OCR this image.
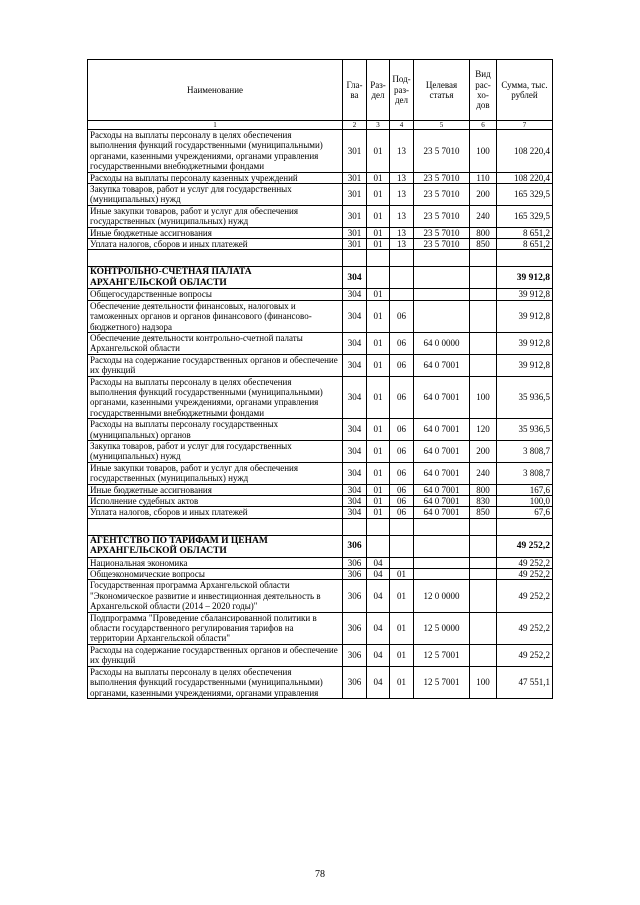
Наименование	Гла-ва	Раз-дел	Под-раз-дел	Целевая статья	Вид рас-хо-дов	Сумма, тыс. рублей
1	2	3	4	5	6	7
Расходы на выплаты персоналу в целях обеспечения выполнения функций государственными (муниципальными) органами, казенными учреждениями, органами управления государственными внебюджетными фондами	301	01	13	23 5 7010	100	108 220,4
Расходы на выплаты персоналу казенных учреждений	301	01	13	23 5 7010	110	108 220,4
Закупка товаров, работ и услуг для государственных (муниципальных) нужд	301	01	13	23 5 7010	200	165 329,5
Иные закупки товаров, работ и услуг для обеспечения государственных (муниципальных) нужд	301	01	13	23 5 7010	240	165 329,5
Иные бюджетные ассигнования	301	01	13	23 5 7010	800	8 651,2
Уплата налогов, сборов и иных платежей	301	01	13	23 5 7010	850	8 651,2

КОНТРОЛЬНО-СЧЕТНАЯ ПАЛАТА АРХАНГЕЛЬСКОЙ ОБЛАСТИ	304					39 912,8
Общегосударственные вопросы	304	01				39 912,8
Обеспечение деятельности финансовых, налоговых и таможенных органов и органов финансового (финансово-бюджетного) надзора	304	01	06			39 912,8
Обеспечение деятельности контрольно-счетной палаты Архангельской области	304	01	06	64 0 0000		39 912,8
Расходы на содержание государственных органов и обеспечение их функций	304	01	06	64 0 7001		39 912,8
Расходы на выплаты персоналу в целях обеспечения выполнения функций государственными (муниципальными) органами, казенными учреждениями, органами управления государственными внебюджетными фондами	304	01	06	64 0 7001	100	35 936,5
Расходы на выплаты персоналу государственных (муниципальных) органов	304	01	06	64 0 7001	120	35 936,5
Закупка товаров, работ и услуг для государственных (муниципальных) нужд	304	01	06	64 0 7001	200	3 808,7
Иные закупки товаров, работ и услуг для обеспечения государственных (муниципальных) нужд	304	01	06	64 0 7001	240	3 808,7
Иные бюджетные ассигнования	304	01	06	64 0 7001	800	167,6
Исполнение судебных актов	304	01	06	64 0 7001	830	100,0
Уплата налогов, сборов и иных платежей	304	01	06	64 0 7001	850	67,6

АГЕНТСТВО ПО ТАРИФАМ И ЦЕНАМ АРХАНГЕЛЬСКОЙ ОБЛАСТИ	306					49 252,2
Национальная экономика	306	04				49 252,2
Общеэкономические вопросы	306	04	01			49 252,2
Государственная программа Архангельской области "Экономическое развитие и инвестиционная деятельность в Архангельской области (2014 – 2020 годы)"	306	04	01	12 0 0000		49 252,2
Подпрограмма "Проведение сбалансированной политики в области государственного регулирования тарифов на территории Архангельской области"	306	04	01	12 5 0000		49 252,2
Расходы на содержание государственных органов и обеспечение их функций	306	04	01	12 5 7001		49 252,2
Расходы на выплаты персоналу в целях обеспечения выполнения функций государственными (муниципальными) органами, казенными учреждениями, органами управления	306	04	01	12 5 7001	100	47 551,1
78
